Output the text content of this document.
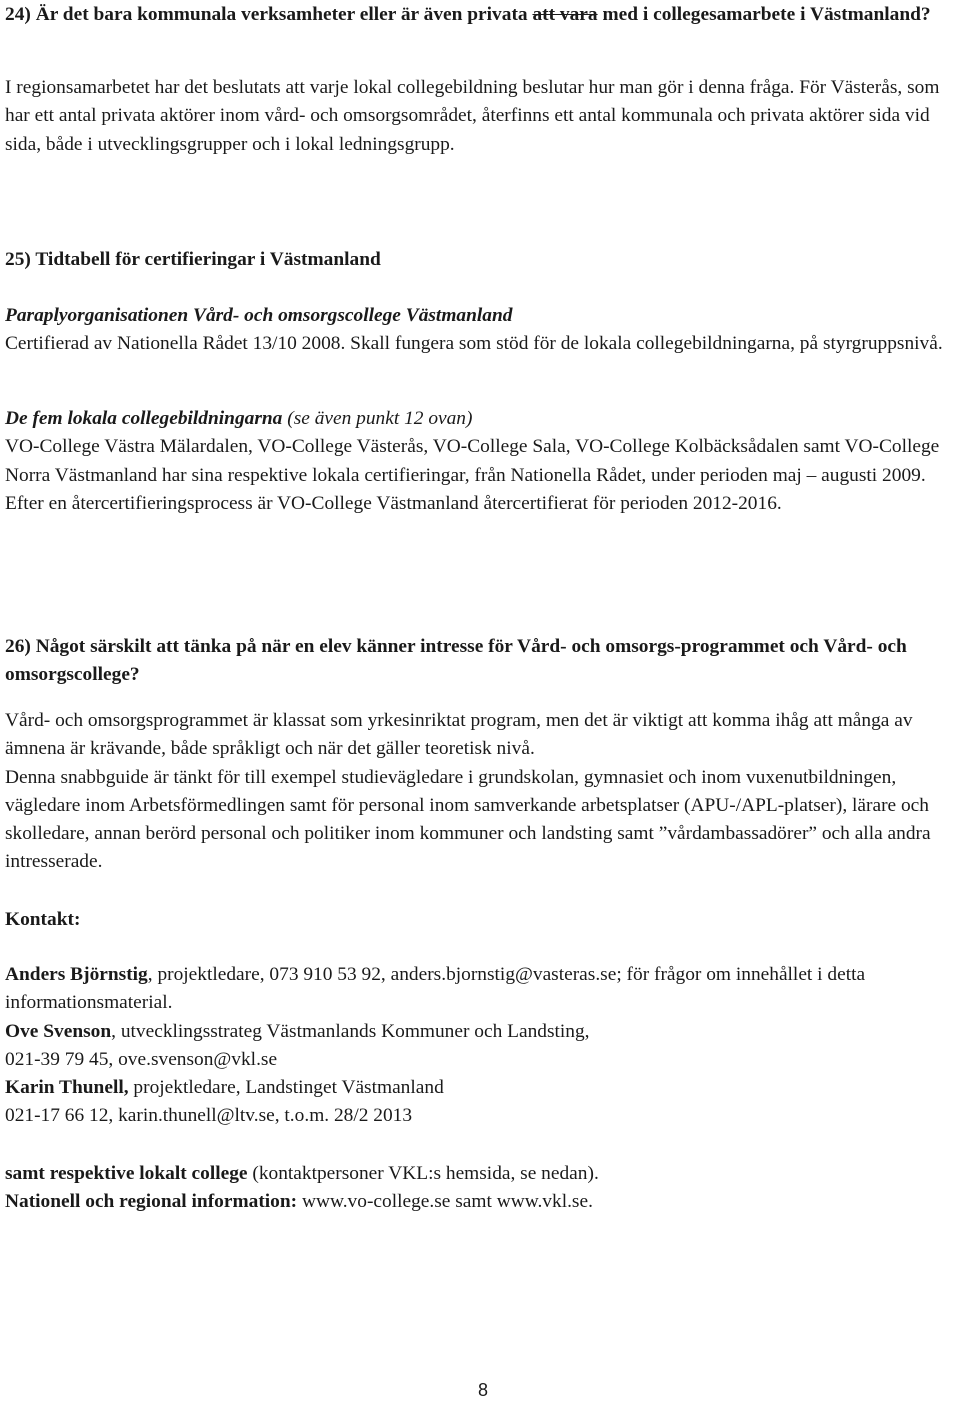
24) Är det bara kommunala verksamheter eller är även privata att vara med i collegesamarbete i Västmanland?

I regionsamarbetet har det beslutats att varje lokal collegebildning beslutar hur man gör i denna fråga. För Västerås, som har ett antal privata aktörer inom vård- och omsorgsområdet, återfinns ett antal kommunala och privata aktörer sida vid sida, både i utvecklingsgrupper och i lokal ledningsgrupp.

25) Tidtabell för certifieringar i Västmanland

Paraplyorganisationen Vård- och omsorgscollege Västmanland

Certifierad av Nationella Rådet 13/10 2008. Skall fungera som stöd för de lokala collegebildningarna, på styrgruppsnivå.

De fem lokala collegebildningarna (se även punkt 12 ovan)

VO-College Västra Mälardalen, VO-College Västerås, VO-College Sala, VO-College Kolbäcksådalen samt VO-College Norra Västmanland har sina respektive lokala certifieringar, från Nationella Rådet, under perioden maj – augusti 2009.

Efter en återcertifieringsprocess är VO-College Västmanland återcertifierat för perioden 2012-2016.

26) Något särskilt att tänka på när en elev känner intresse för Vård- och omsorgs-programmet och Vård- och omsorgscollege?

Vård- och omsorgsprogrammet är klassat som yrkesinriktat program, men det är viktigt att komma ihåg att många av ämnena är krävande, både språkligt och när det gäller teoretisk nivå.

Denna snabbguide är tänkt för till exempel studievägledare i grundskolan, gymnasiet och inom vuxenutbildningen, vägledare inom Arbetsförmedlingen samt för personal inom samverkande arbetsplatser (APU-/APL-platser), lärare och skolledare, annan berörd personal och politiker inom kommuner och landsting samt ”vårdambassadörer” och alla andra intresserade.

Kontakt:

Anders Björnstig, projektledare, 073 910 53 92, anders.bjornstig@vasteras.se; för frågor om innehållet i detta informationsmaterial.

Ove Svenson, utvecklingsstrateg Västmanlands Kommuner och Landsting,

021-39 79 45, ove.svenson@vkl.se

Karin Thunell, projektledare, Landstinget Västmanland

021-17 66 12, karin.thunell@ltv.se, t.o.m. 28/2 2013

samt respektive lokalt college (kontaktpersoner VKL:s hemsida, se nedan).

Nationell och regional information: www.vo-college.se samt www.vkl.se.

8
